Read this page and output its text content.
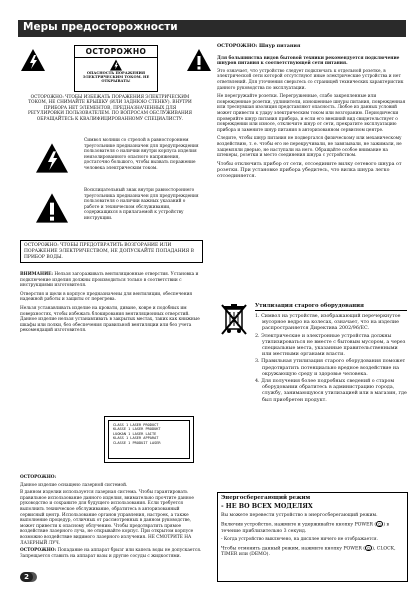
Меры предосторожности
ОСТОРОЖНО
ОПАСНОСТЬ ПОРАЖЕНИЯ ЭЛЕКТРИЧЕСКИМ ТОКОМ. НЕ ОТКРЫВАТЬ!
ОСТОРОЖНО: ЧТОБЫ ИЗБЕЖАТЬ ПОРАЖЕНИЯ ЭЛЕКТРИЧЕСКИМ ТОКОМ, НЕ СНИМАЙТЕ КРЫШКУ (ИЛИ ЗАДНЮЮ СТЕНКУ). ВНУТРИ ПРИБОРА НЕТ ЭЛЕМЕНТОВ, ПРЕДНАЗНАЧЕННЫХ ДЛЯ РЕГУЛИРОВКИ ПОЛЬЗОВАТЕЛЕМ. ПО ВОПРОСАМ ОБСЛУЖИВАНИЯ ОБРАЩАЙТЕСЬ К КВАЛИФИЦИРОВАННОМУ СПЕЦИАЛИСТУ.
Символ молнии со стрелой в равностороннем треугольнике предназначен для предупреждения пользователя о наличии внутри корпуса изделия неизолированного опасного напряжения, достаточно большого, чтобы вызвать поражение человека электрическим током.
Восклицательный знак внутри равностороннего треугольника предназначен для предупреждения пользователя о наличии важных указаний о работе и техническом обслуживании, содержащихся в прилагаемой к устройству инструкции.
ОСТОРОЖНО: ЧТОБЫ ПРЕДОТВРАТИТЬ ВОЗГОРАНИЕ ИЛИ ПОРАЖЕНИЕ ЭЛЕКТРИЧЕСТВОМ, НЕ ДОПУСКАЙТЕ ПОПАДАНИЯ В ПРИБОР ВОДЫ.

ВНИМАНИЕ: Нельзя загораживать вентиляционные отверстия. Установка и подключение изделия должны производиться только в соответствии с инструкциями изготовителя.

Отверстия и щели в корпусе предназначены для вентиляции, обеспечения надежной работы и защиты от перегрева.

Нельзя устанавливать изделие на кровати, диване, ковре и подобных им поверхностях, чтобы избежать блокирования вентиляционных отверстий. Данное изделие нельзя устанавливать в закрытых местах, таких как книжные шкафы или полки, без обеспечения правильной вентиляции или без учета рекомендаций изготовителя.

CLASS 1 LASER PRODUCT
KLASSE 1 LASER PRODUKT
LUOKAN 1 LASER LAITE
KLASS 1 LASER APPARAT
CLASSE 1 PRODUIT LASER

ОСТОРОЖНО:

Данное изделие оснащено лазерной системой.

В данном изделии используется лазерная система. Чтобы гарантировать правильное использование данного изделия, внимательно прочтите данное руководство и сохраните для будущего использования. Если требуется выполнить техническое обслуживание, обратитесь в авторизованный сервисный центр. Использование органов управления, настроек, а также выполнение процедур, отличных от рассмотренных в данном руководстве, может привести к опасному облучению. Чтобы предотвратить прямое воздействие лазерного луча, не открывайте корпус. При открытом корпусе возможно воздействие видимого лазерного излучения. НЕ СМОТРИТЕ НА ЛАЗЕРНЫЙ ЛУЧ.

ОСТОРОЖНО: Попадание на аппарат брызг или капель воды не допускается. Запрещается ставить на аппарат вазы и другие сосуды с жидкостями.

ОСТОРОЖНО: Шнур питания

Для большинства видов бытовой техники рекомендуется подключение шнуров питания к соответствующей сети питания.

Это означает, что устройство следует подключать к отдельной розетке, в электрической сети которой отсутствуют иные электрические устройства и нет ответвлений. Для уточнения сверьтесь со страницей технических характеристик данного руководства по эксплуатации.

Не перегружайте розетки. Перегруженные, слабо закрепленные или поврежденные розетки, удлинители, изношенные шнуры питания, поврежденная или треснувшая изоляция представляют опасность. Любое из данных условий может привести к удару электрическим током или возгоранию. Периодически проверяйте шнур питания прибора, и если его внешний вид свидетельствует о повреждении или износе, отключите шнур от сети, прекратите эксплуатацию прибора и замените шнур питания в авторизованном сервисном центре.

Следите, чтобы шнур питания не подвергался физическому или механическому воздействию, т. е. чтобы его не перекручивали, не завязывали, не зажимали, не защемляли дверью, не наступали на него. Обращайте особое внимание на штекеры, розетки и место соединения шнура с устройством.

Чтобы отключить прибор от сети, отсоедините вилку сетевого шнура от розетки. При установке прибора убедитесь, что вилка шнура легко отсоединяется.

Утилизация старого оборудования
1. Символ на устройстве, изображающий перечеркнутое мусорное ведро на колесах, означает, что на изделие распространяется Директива 2002/96/EC.
2. Электрические и электронные устройства должны утилизироваться не вместе с бытовым мусором, а через специальные места, указанные правительственными или местными органами власти.
3. Правильная утилизация старого оборудования поможет предотвратить потенциально вредное воздействие на окружающую среду и здоровье человека.
4. Для получения более подробных сведений о старом оборудовании обратитесь в администрацию города, службу, занимающуюся утилизацией или в магазин, где был приобретен продукт.
Энергосберегающий режим
- НЕ ВО ВСЕХ МОДЕЛЯХ

Вы можете перевести устройство в энергосберегающий режим.

Включив устройство, нажмите и удерживайте кнопку POWER ( ⏻ ) в течение приблизительно 3 секунд.

- Когда устройство выключено, на дисплее ничего не отображается.

Чтобы отменить данный режим, нажмите кнопку POWER ( ⏻ ), CLOCK, TIMER или (DEMO).

2
